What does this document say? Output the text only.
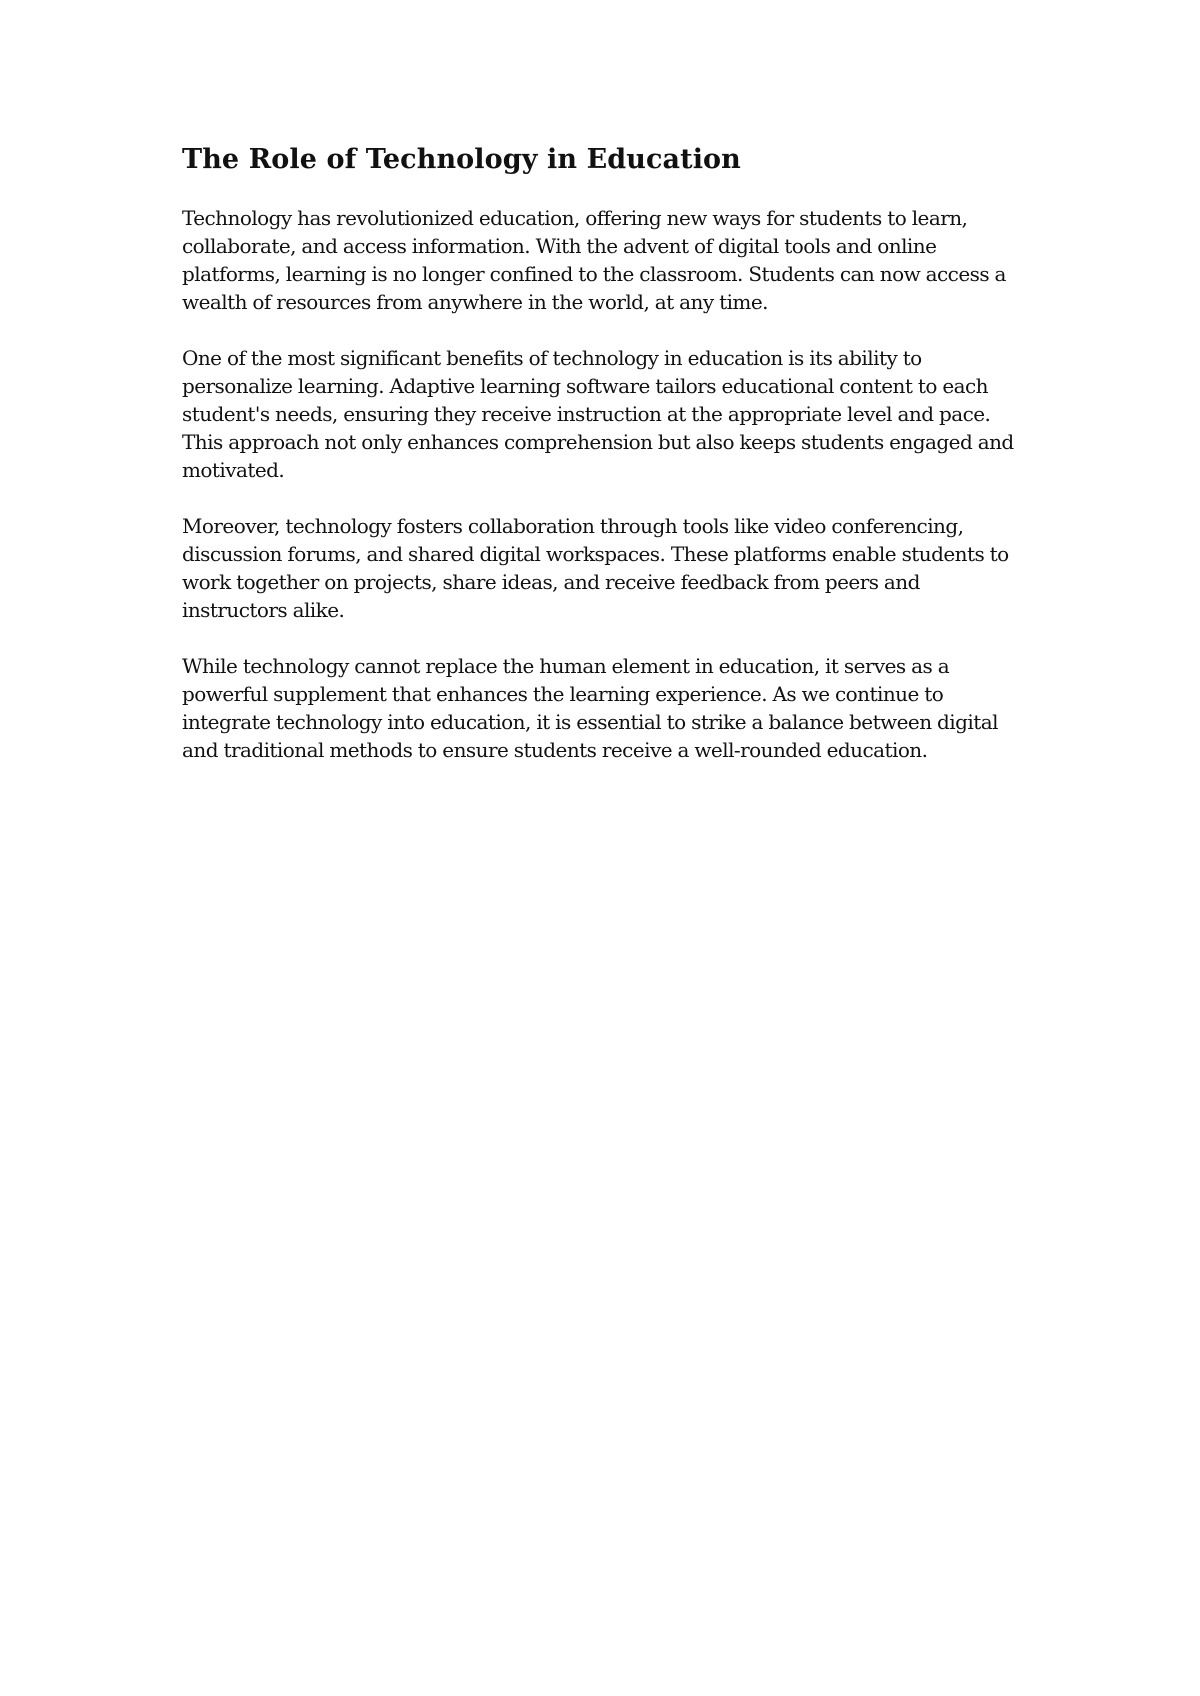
The Role of Technology in Education

Technology has revolutionized education, offering new ways for students to learn,
collaborate, and access information. With the advent of digital tools and online
platforms, learning is no longer confined to the classroom. Students can now access a
wealth of resources from anywhere in the world, at any time.

One of the most significant benefits of technology in education is its ability to
personalize learning. Adaptive learning software tailors educational content to each
student's needs, ensuring they receive instruction at the appropriate level and pace.
This approach not only enhances comprehension but also keeps students engaged and
motivated.

Moreover, technology fosters collaboration through tools like video conferencing,
discussion forums, and shared digital workspaces. These platforms enable students to
work together on projects, share ideas, and receive feedback from peers and
instructors alike.

While technology cannot replace the human element in education, it serves as a
powerful supplement that enhances the learning experience. As we continue to
integrate technology into education, it is essential to strike a balance between digital
and traditional methods to ensure students receive a well-rounded education.
